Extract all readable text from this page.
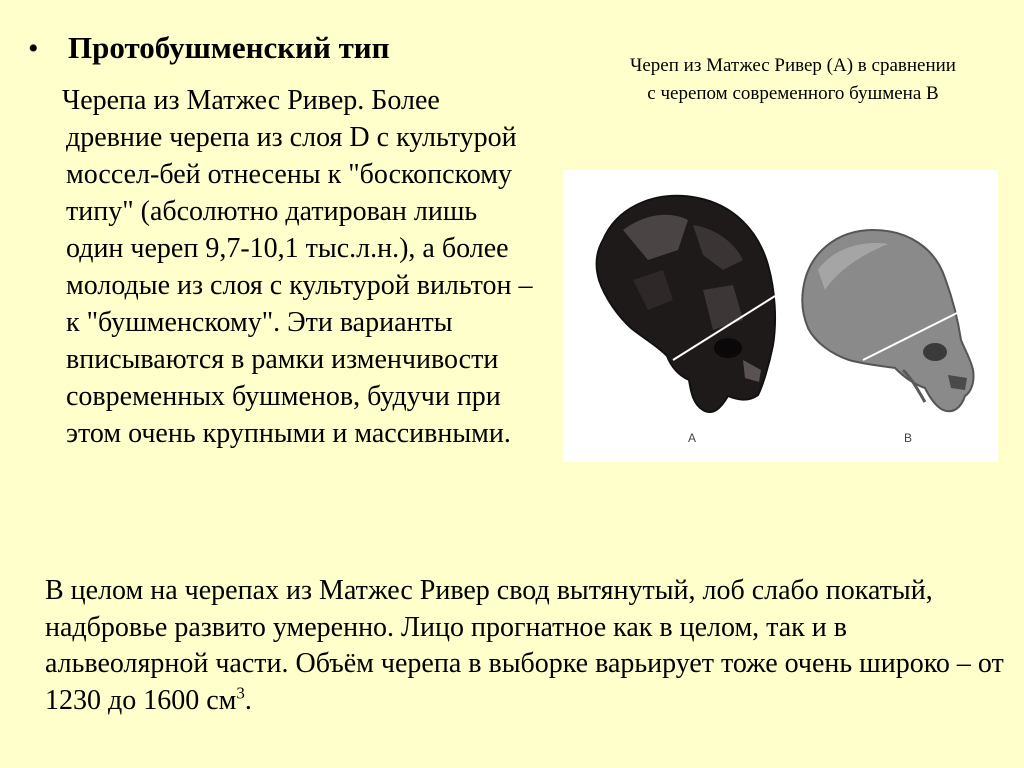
• Протобушменский тип
Черепа из Матжес Ривер. Более древние черепа из слоя D с культурой моссел-бей отнесены к "боскопскому типу" (абсолютно датирован лишь один череп 9,7-10,1 тыс.л.н.), а более молодые из слоя с культурой вильтон – к "бушменскому". Эти варианты вписываются в рамки изменчивости современных бушменов, будучи при этом очень крупными и массивными.
Череп из Матжес Ривер (А) в сравнении с черепом современного бушмена В
A	B
В целом на черепах из Матжес Ривер свод вытянутый, лоб слабо покатый, надбровье развито умеренно. Лицо прогнатное как в целом, так и в альвеолярной части. Объём черепа в выборке варьирует тоже очень широко – от 1230 до 1600 $см^3$.
